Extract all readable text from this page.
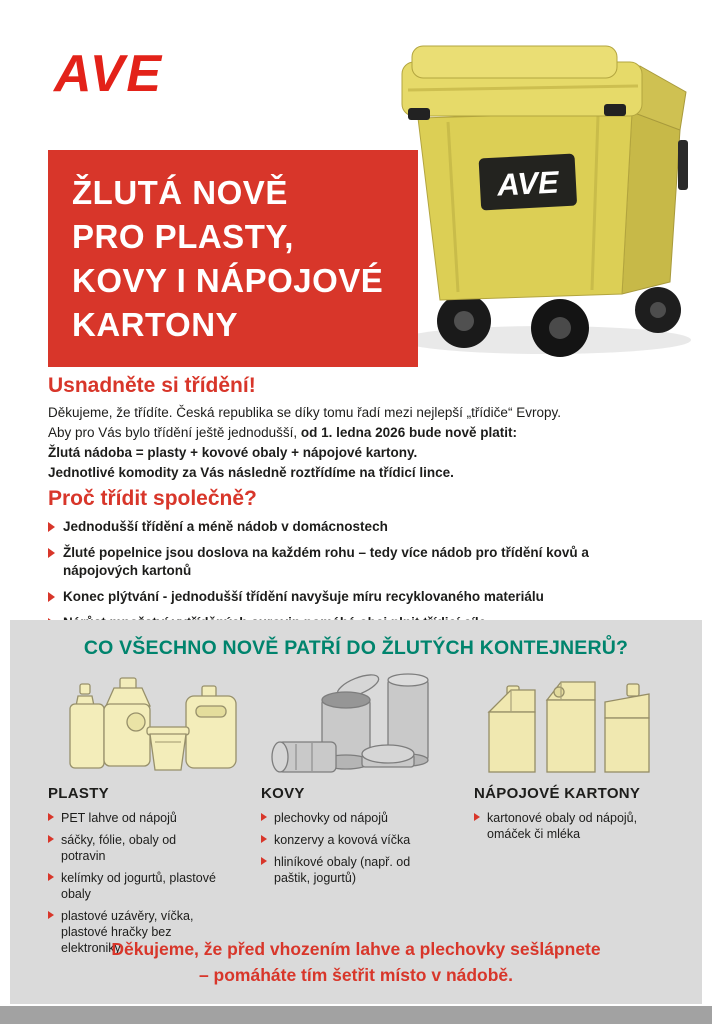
AVE
AVE
ŽLUTÁ NOVĚ
PRO PLASTY,
KOVY I NÁPOJOVÉ
KARTONY
Usnadněte si třídění!
Děkujeme, že třídíte. Česká republika se díky tomu řadí mezi nejlepší „třídiče“ Evropy.
Aby pro Vás bylo třídění ještě jednodušší, od 1. ledna 2026 bude nově platit:
Žlutá nádoba = plasty + kovové obaly + nápojové kartony.
Jednotlivé komodity za Vás následně roztřídíme na třídicí lince.
Proč třídit společně?
Jednodušší třídění a méně nádob v domácnostech
Žluté popelnice jsou doslova na každém rohu – tedy více nádob pro třídění kovů a nápojových kartonů
Konec plýtvání - jednodušší třídění navyšuje míru recyklovaného materiálu
CO VŠECHNO NOVĚ PATŘÍ DO ŽLUTÝCH KONTEJNERŮ?
PLASTY
PET lahve od nápojů
sáčky, fólie, obaly od potravin
kelímky od jogurtů, plastové obaly
plastové uzávěry, víčka, plastové hračky bez elektroniky
KOVY
plechovky od nápojů
konzervy a kovová víčka
hliníkové obaly (např. od paštik, jogurtů)
NÁPOJOVÉ KARTONY
kartonové obaly od nápojů, omáček či mléka
Děkujeme, že před vhozením lahve a plechovky sešlápnete
– pomáháte tím šetřit místo v nádobě.
